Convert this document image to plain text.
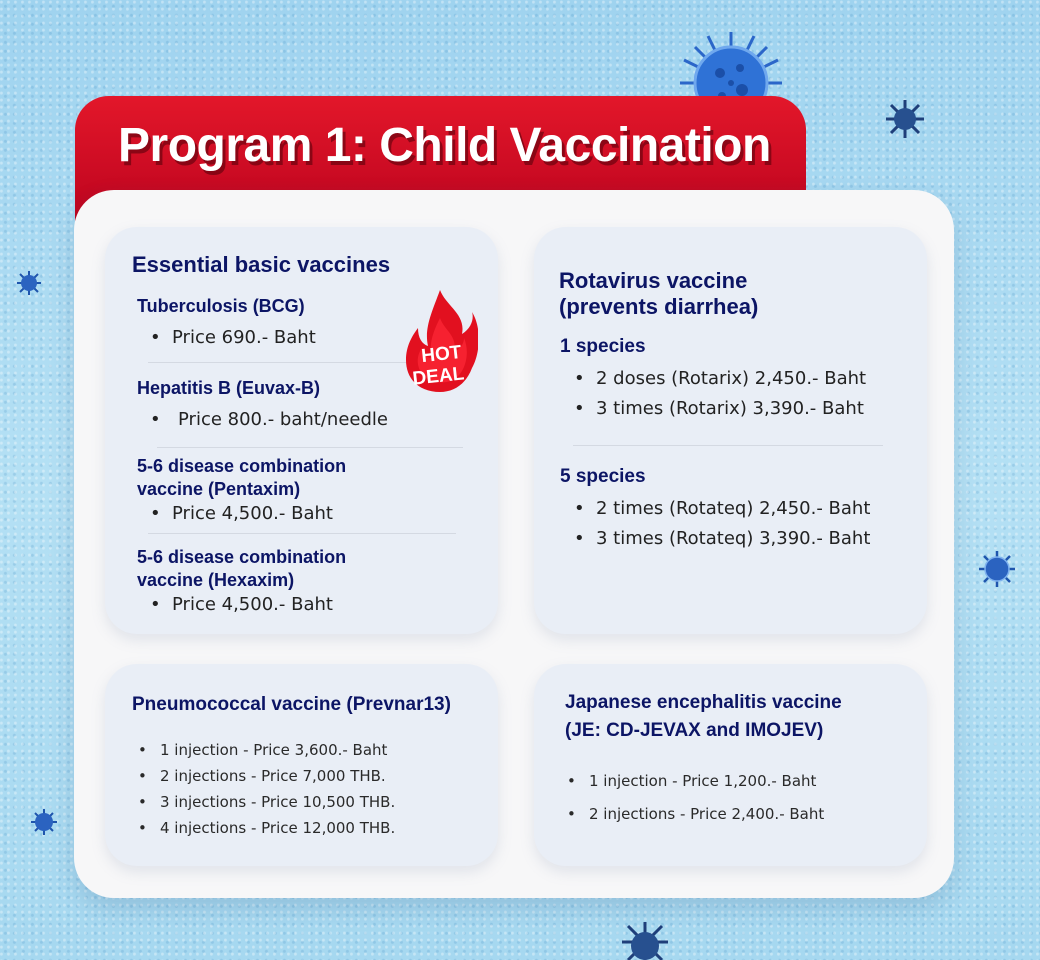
Program 1: Child Vaccination
Essential basic vaccines
Tuberculosis (BCG)
• Price 690.- Baht
Hepatitis B (Euvax-B)
• Price 800.- baht/needle
5-6 disease combination
vaccine (Pentaxim)
• Price 4,500.- Baht
5-6 disease combination
vaccine (Hexaxim)
• Price 4,500.- Baht
HOT
DEAL
Rotavirus vaccine
(prevents diarrhea)
1 species
• 2 doses (Rotarix) 2,450.- Baht
• 3 times (Rotarix) 3,390.- Baht
5 species
• 2 times (Rotateq) 2,450.- Baht
• 3 times (Rotateq) 3,390.- Baht
Pneumococcal vaccine (Prevnar13)
• 1 injection - Price 3,600.- Baht
• 2 injections - Price 7,000 THB.
• 3 injections - Price 10,500 THB.
• 4 injections - Price 12,000 THB.
Japanese encephalitis vaccine
(JE: CD-JEVAX and IMOJEV)
• 1 injection - Price 1,200.- Baht
• 2 injections - Price 2,400.- Baht
